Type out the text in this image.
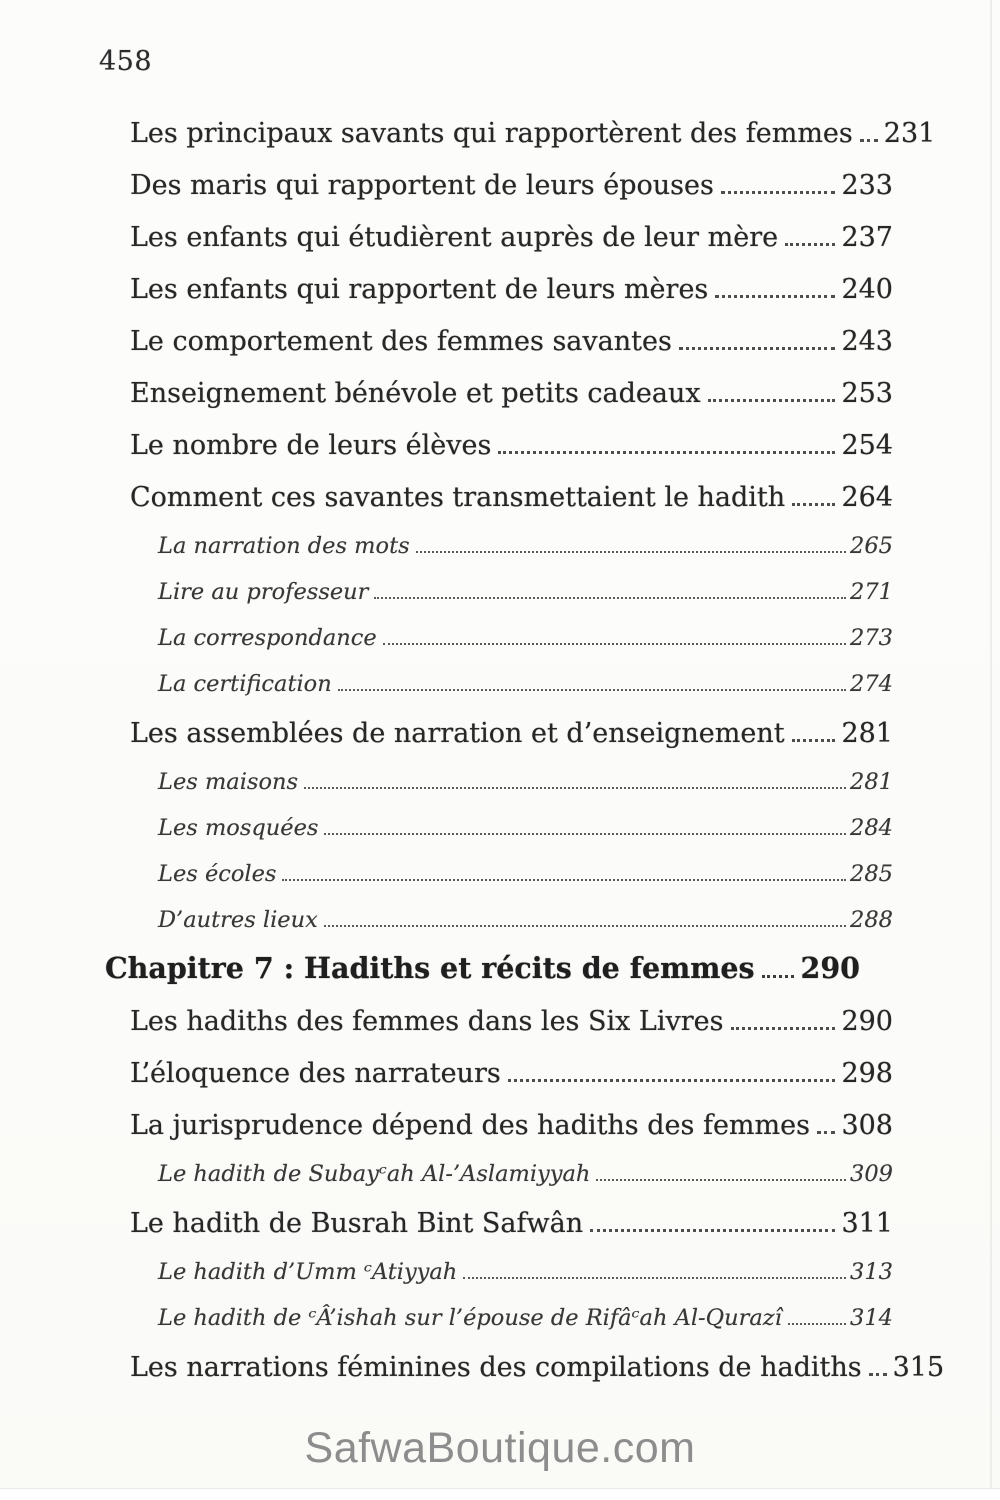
458
Les principaux savants qui rapportèrent des femmes 231
Des maris qui rapportent de leurs épouses	233
Les enfants qui étudièrent auprès de leur mère 237
Les enfants qui rapportent de leurs mères	240
Le comportement des femmes savantes	243
Enseignement bénévole et petits cadeaux	253
Le nombre de leurs élèves	254
Comment ces savantes transmettaient le hadith 264
La narration des mots	265
Lire au professeur	271
La correspondance	273
La certification	274
Les assemblées de narration et d’enseignement 281
Les maisons	281
Les mosquées	284
Les écoles	285
D’autres lieux	288
Chapitre 7 : Hadiths et récits de femmes 290
Les hadiths des femmes dans les Six Livres	290
L’éloquence des narrateurs	298
La jurisprudence dépend des hadiths des femmes 308
Le hadith de Subayᶜah Al-’Aslamiyyah	309
Le hadith de Busrah Bint Safwân	311
Le hadith d’Umm ᶜAtiyyah	313
Le hadith de ᶜÂ’ishah sur l’épouse de Rifâᶜah Al-Qurazî	314
Les narrations féminines des compilations de hadiths 315
SafwaBoutique.com
